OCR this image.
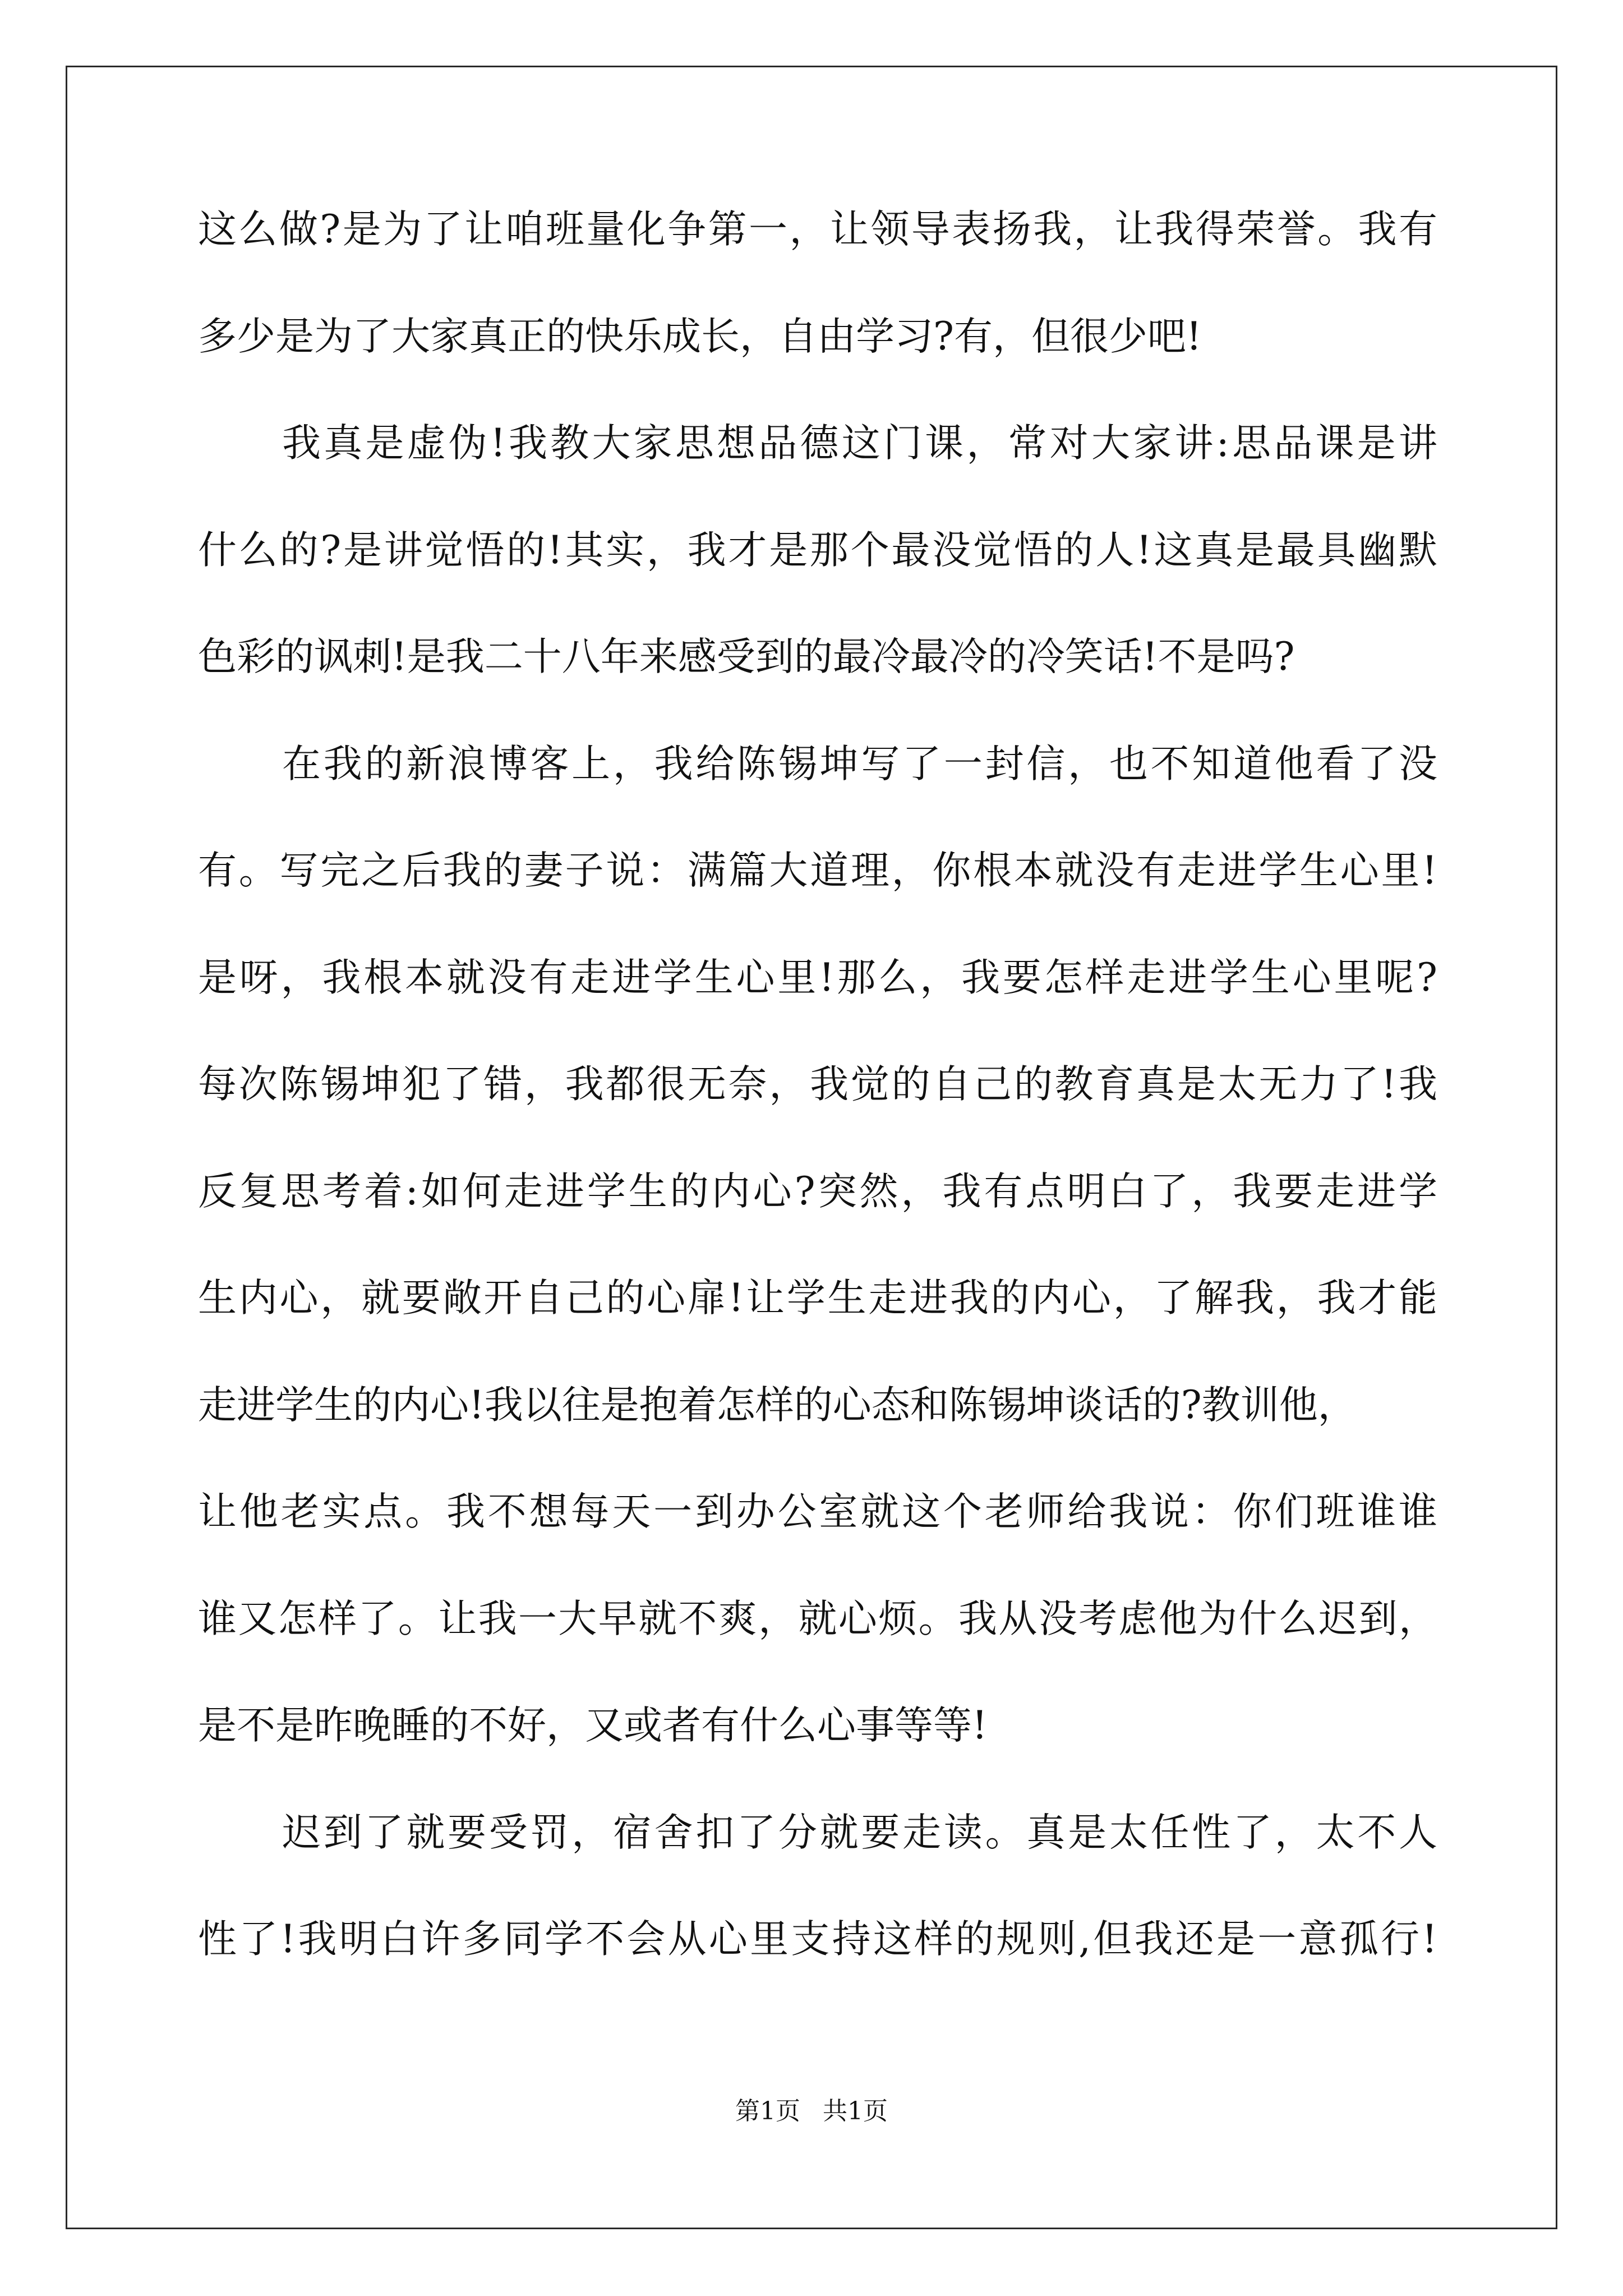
这么做?是为了让咱班量化争第一，让领导表扬我，让我得荣誉。我有
多少是为了大家真正的快乐成长，自由学习?有，但很少吧!
我真是虚伪!我教大家思想品德这门课，常对大家讲:思品课是讲
什么的?是讲觉悟的!其实，我才是那个最没觉悟的人!这真是最具幽默
色彩的讽刺!是我二十八年来感受到的最冷最冷的冷笑话!不是吗?
在我的新浪博客上，我给陈锡坤写了一封信，也不知道他看了没
有。写完之后我的妻子说：满篇大道理，你根本就没有走进学生心里!
是呀，我根本就没有走进学生心里!那么，我要怎样走进学生心里呢?
每次陈锡坤犯了错，我都很无奈，我觉的自己的教育真是太无力了!我
反复思考着:如何走进学生的内心?突然，我有点明白了，我要走进学
生内心，就要敞开自己的心扉!让学生走进我的内心，了解我，我才能
走进学生的内心!我以往是抱着怎样的心态和陈锡坤谈话的?教训他，
让他老实点。我不想每天一到办公室就这个老师给我说：你们班谁谁
谁又怎样了。让我一大早就不爽，就心烦。我从没考虑他为什么迟到，
是不是昨晚睡的不好，又或者有什么心事等等!
迟到了就要受罚，宿舍扣了分就要走读。真是太任性了，太不人
性了!我明白许多同学不会从心里支持这样的规则,但我还是一意孤行!
第1页 共1页
